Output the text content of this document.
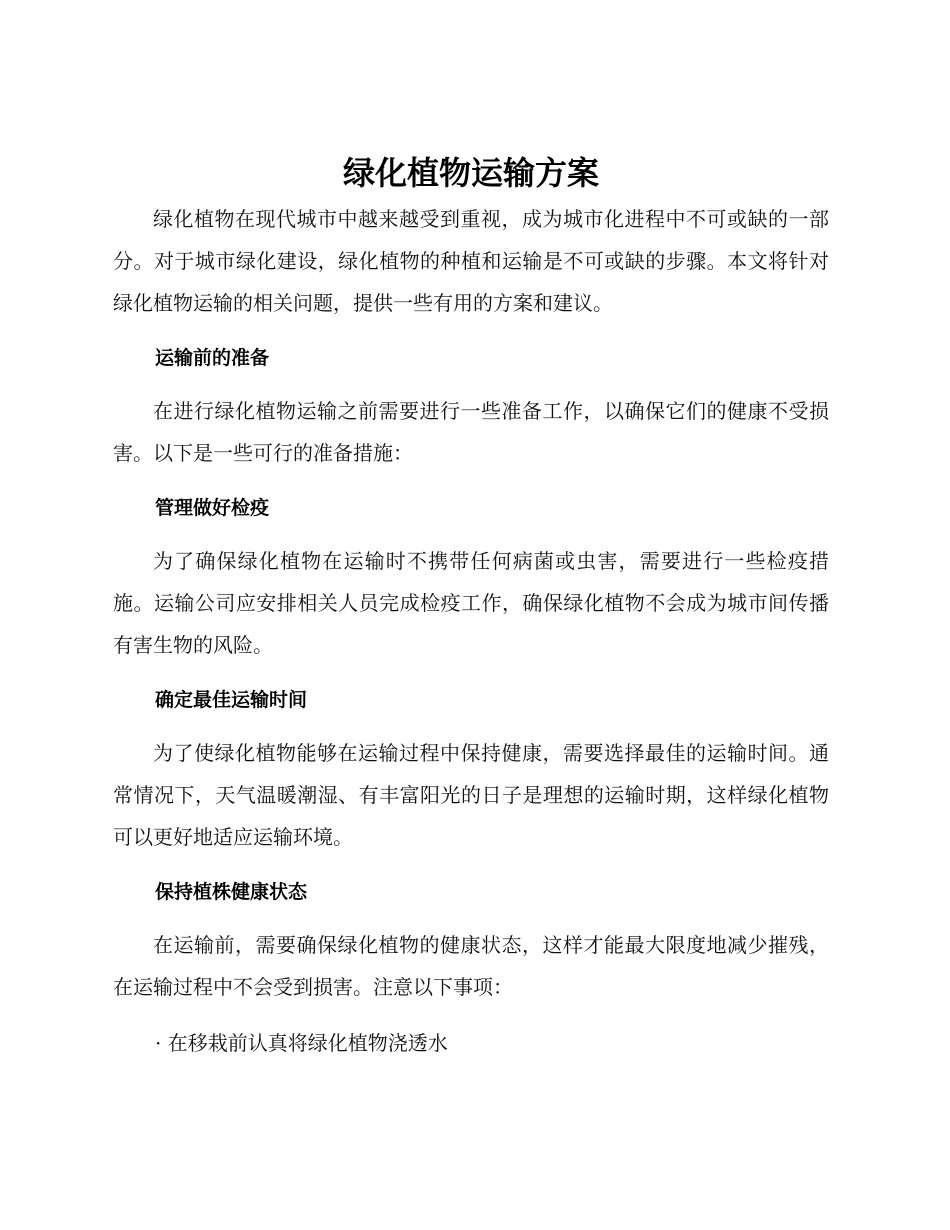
绿化植物运输方案

绿化植物在现代城市中越来越受到重视，成为城市化进程中不可或缺的一部分。对于城市绿化建设，绿化植物的种植和运输是不可或缺的步骤。本文将针对绿化植物运输的相关问题，提供一些有用的方案和建议。

运输前的准备

在进行绿化植物运输之前需要进行一些准备工作，以确保它们的健康不受损害。以下是一些可行的准备措施：

管理做好检疫

为了确保绿化植物在运输时不携带任何病菌或虫害，需要进行一些检疫措施。运输公司应安排相关人员完成检疫工作，确保绿化植物不会成为城市间传播有害生物的风险。

确定最佳运输时间

为了使绿化植物能够在运输过程中保持健康，需要选择最佳的运输时间。通常情况下，天气温暖潮湿、有丰富阳光的日子是理想的运输时期，这样绿化植物可以更好地适应运输环境。

保持植株健康状态

在运输前，需要确保绿化植物的健康状态，这样才能最大限度地减少摧残，在运输过程中不会受到损害。注意以下事项：

· 在移栽前认真将绿化植物浇透水
